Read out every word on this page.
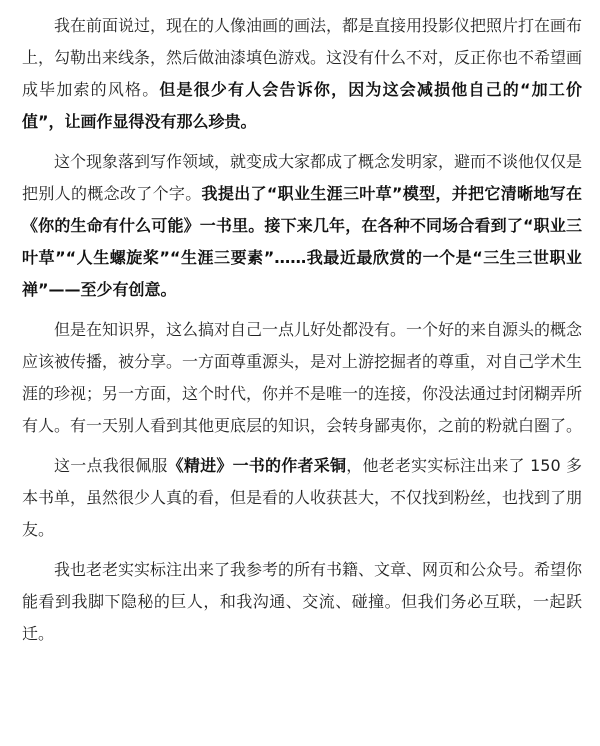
我在前面说过，现在的人像油画的画法，都是直接用投影仪把照片打在画布上，勾勒出来线条，然后做油漆填色游戏。这没有什么不对，反正你也不希望画成毕加索的风格。但是很少有人会告诉你，因为这会减损他自己的“加工价值”，让画作显得没有那么珍贵。

这个现象落到写作领域，就变成大家都成了概念发明家，避而不谈他仅仅是把别人的概念改了个字。我提出了“职业生涯三叶草”模型，并把它清晰地写在《你的生命有什么可能》一书里。接下来几年，在各种不同场合看到了“职业三叶草”“人生螺旋桨”“生涯三要素”……我最近最欣赏的一个是“三生三世职业禅”——至少有创意。

但是在知识界，这么搞对自己一点儿好处都没有。一个好的来自源头的概念应该被传播，被分享。一方面尊重源头，是对上游挖掘者的尊重，对自己学术生涯的珍视；另一方面，这个时代，你并不是唯一的连接，你没法通过封闭糊弄所有人。有一天别人看到其他更底层的知识，会转身鄙夷你，之前的粉就白圈了。

这一点我很佩服《精进》一书的作者采铜，他老老实实标注出来了 150 多本书单，虽然很少人真的看，但是看的人收获甚大，不仅找到粉丝，也找到了朋友。

我也老老实实标注出来了我参考的所有书籍、文章、网页和公众号。希望你能看到我脚下隐秘的巨人，和我沟通、交流、碰撞。但我们务必互联，一起跃迁。
